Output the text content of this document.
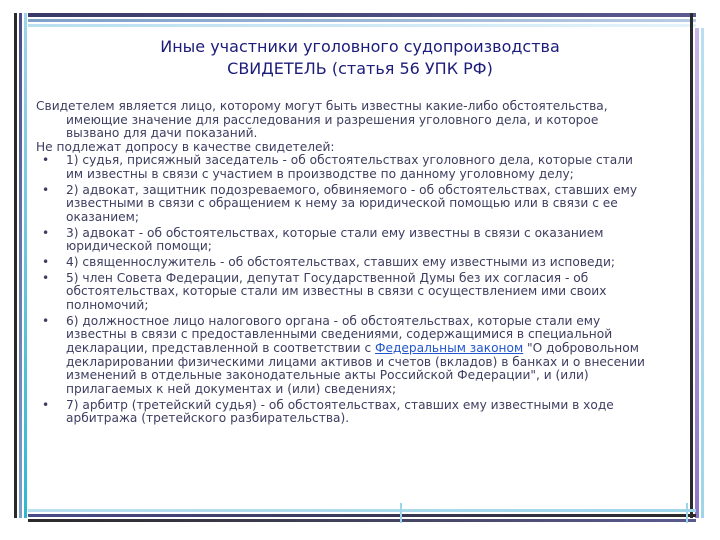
Иные участники уголовного судопроизводства
СВИДЕТЕЛЬ (статья 56 УПК РФ)

Свидетелем является лицо, которому могут быть известны какие-либо обстоятельства, имеющие значение для расследования и разрешения уголовного дела, и которое вызвано для дачи показаний.

Не подлежат допросу в качестве свидетелей:

• 1) судья, присяжный заседатель - об обстоятельствах уголовного дела, которые стали им известны в связи с участием в производстве по данному уголовному делу;
• 2) адвокат, защитник подозреваемого, обвиняемого - об обстоятельствах, ставших ему известными в связи с обращением к нему за юридической помощью или в связи с ее оказанием;
• 3) адвокат - об обстоятельствах, которые стали ему известны в связи с оказанием юридической помощи;
• 4) священнослужитель - об обстоятельствах, ставших ему известными из исповеди;
• 5) член Совета Федерации, депутат Государственной Думы без их согласия - об обстоятельствах, которые стали им известны в связи с осуществлением ими своих полномочий;
• 6) должностное лицо налогового органа - об обстоятельствах, которые стали ему известны в связи с предоставленными сведениями, содержащимися в специальной декларации, представленной в соответствии с Федеральным законом "О добровольном декларировании физическими лицами активов и счетов (вкладов) в банках и о внесении изменений в отдельные законодательные акты Российской Федерации", и (или) прилагаемых к ней документах и (или) сведениях;
• 7) арбитр (третейский судья) - об обстоятельствах, ставших ему известными в ходе арбитража (третейского разбирательства).
